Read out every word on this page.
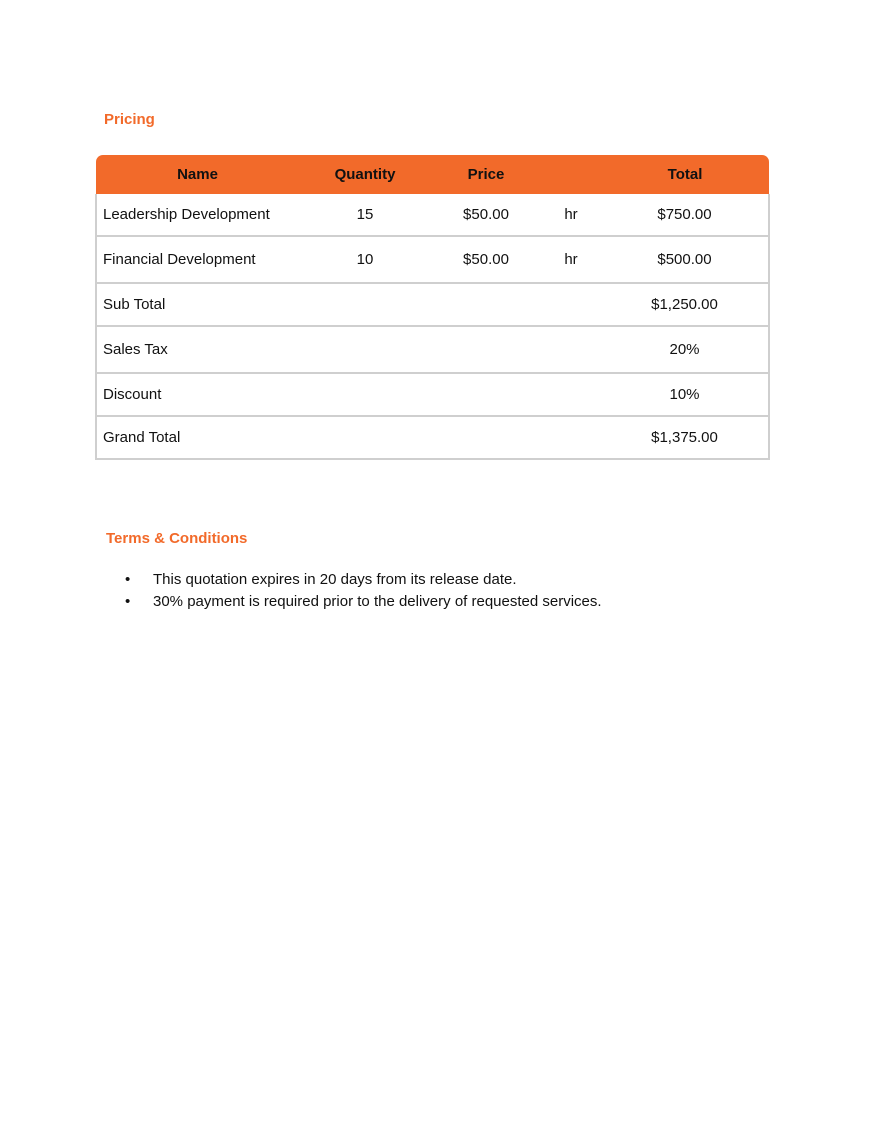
Pricing
Name	Quantity	Price		Total
Leadership Development	15	$50.00	hr	$750.00
Financial Development	10	$50.00	hr	$500.00
Sub Total				$1,250.00
Sales Tax				20%
Discount				10%
Grand Total				$1,375.00
Terms & Conditions
• This quotation expires in 20 days from its release date.
• 30% payment is required prior to the delivery of requested services.
